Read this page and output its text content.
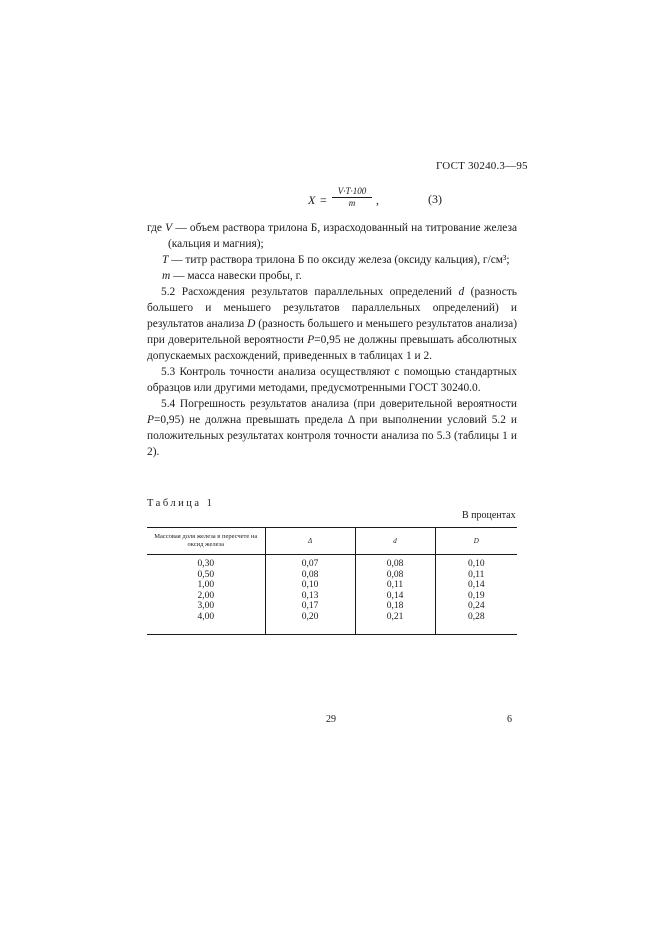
ГОСТ 30240.3—95
$X = \frac{V\cdot T\cdot 100}{m}$ ,	(3)

где V — объем раствора трилона Б, израсходованный на титрование железа (кальция и магния);

T — титр раствора трилона Б по оксиду железа (оксиду кальция), г/см³;

m — масса навески пробы, г.

5.2 Расхождения результатов параллельных определений d (разность большего и меньшего результатов параллельных определений) и результатов анализа D (разность большего и меньшего результатов анализа) при доверительной вероятности P=0,95 не должны превышать абсолютных допускаемых расхождений, приведенных в таблицах 1 и 2.

5.3 Контроль точности анализа осуществляют с помощью стандартных образцов или другими методами, предусмотренными ГОСТ 30240.0.

5.4 Погрешность результатов анализа (при доверительной вероятности P=0,95) не должна превышать предела Δ при выполнении условий 5.2 и положительных результатах контроля точности анализа по 5.3 (таблицы 1 и 2).

Таблица 1
В процентах
Массовая доля железа в пересчете на оксид железа	Δ	d	D
0,30	0,07	0,08	0,10
0,50	0,08	0,08	0,11
1,00	0,10	0,11	0,14
2,00	0,13	0,14	0,19
3,00	0,17	0,18	0,24
4,00	0,20	0,21	0,28
29	6
